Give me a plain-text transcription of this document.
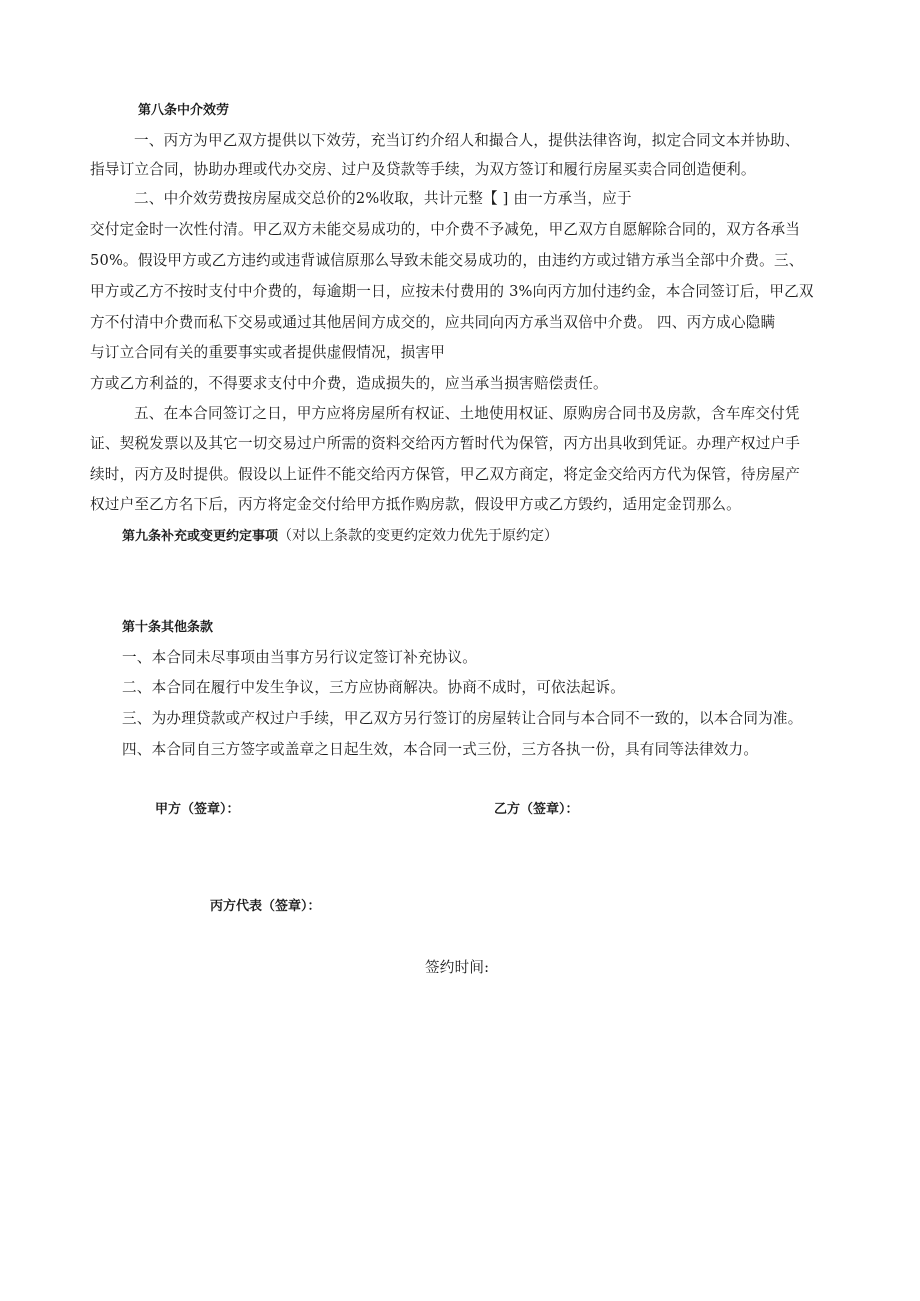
第八条中介效劳
一、丙方为甲乙双方提供以下效劳，充当订约介绍人和撮合人，提供法律咨询，拟定合同文本并协助、
指导订立合同，协助办理或代办交房、过户及贷款等手续，为双方签订和履行房屋买卖合同创造便利。
二、中介效劳费按房屋成交总价的2%收取，共计元整【 ] 由一方承当，应于
交付定金时一次性付清。甲乙双方未能交易成功的，中介费不予减免，甲乙双方自愿解除合同的，双方各承当
50%。假设甲方或乙方违约或违背诚信原那么导致未能交易成功的，由违约方或过错方承当全部中介费。三、
甲方或乙方不按时支付中介费的，每逾期一日，应按未付费用的 3%向丙方加付违约金，本合同签订后，甲乙双
方不付清中介费而私下交易或通过其他居间方成交的，应共同向丙方承当双倍中介费。 四、丙方成心隐瞒
与订立合同有关的重要事实或者提供虚假情况，损害甲
方或乙方利益的，不得要求支付中介费，造成损失的，应当承当损害赔偿责任。
五、在本合同签订之日，甲方应将房屋所有权证、土地使用权证、原购房合同书及房款，含车库交付凭
证、契税发票以及其它一切交易过户所需的资料交给丙方暂时代为保管，丙方出具收到凭证。办理产权过户手
续时，丙方及时提供。假设以上证件不能交给丙方保管，甲乙双方商定，将定金交给丙方代为保管，待房屋产
权过户至乙方名下后，丙方将定金交付给甲方抵作购房款，假设甲方或乙方毁约，适用定金罚那么。
第九条补充或变更约定事项（对以上条款的变更约定效力优先于原约定）
第十条其他条款
一、本合同未尽事项由当事方另行议定签订补充协议。
二、本合同在履行中发生争议，三方应协商解决。协商不成时，可依法起诉。
三、为办理贷款或产权过户手续，甲乙双方另行签订的房屋转让合同与本合同不一致的，以本合同为准。
四、本合同自三方签字或盖章之日起生效，本合同一式三份，三方各执一份，具有同等法律效力。
甲方（签章）：	乙方（签章）：
丙方代表（签章）：
签约时间:
